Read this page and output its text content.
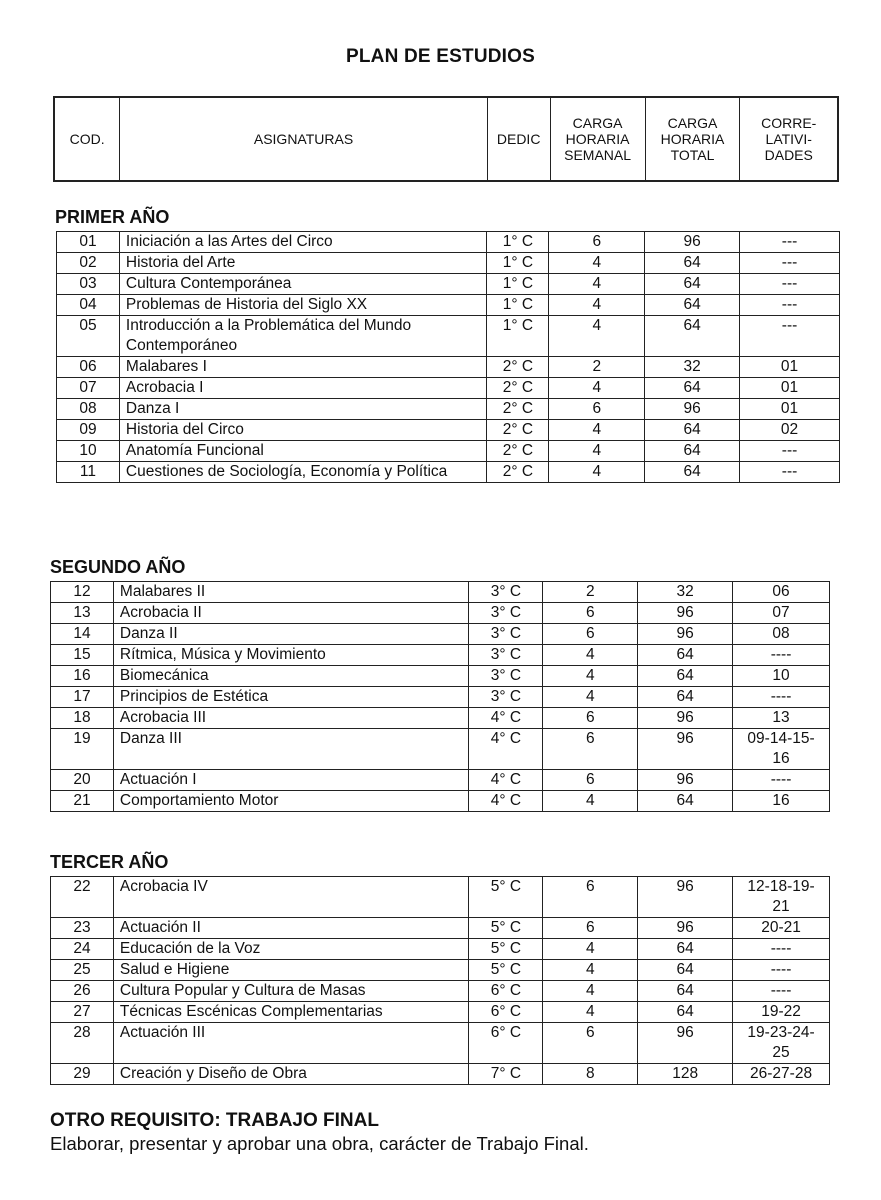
PLAN DE ESTUDIOS
COD.	ASIGNATURAS	DEDIC	CARGA HORARIA SEMANAL	CARGA HORARIA TOTAL	CORRE- LATIVI- DADES
PRIMER AÑO
01	Iniciación a las Artes del Circo	1° C	6	96	---
02	Historia del Arte	1° C	4	64	---
03	Cultura Contemporánea	1° C	4	64	---
04	Problemas de Historia del Siglo XX	1° C	4	64	---
05	Introducción a la Problemática del Mundo Contemporáneo	1° C	4	64	---
06	Malabares I	2° C	2	32	01
07	Acrobacia I	2° C	4	64	01
08	Danza I	2° C	6	96	01
09	Historia del Circo	2° C	4	64	02
10	Anatomía Funcional	2° C	4	64	---
11	Cuestiones de Sociología, Economía y Política	2° C	4	64	---
SEGUNDO AÑO
12	Malabares II	3° C	2	32	06
13	Acrobacia II	3° C	6	96	07
14	Danza II	3° C	6	96	08
15	Rítmica, Música y Movimiento	3° C	4	64	----
16	Biomecánica	3° C	4	64	10
17	Principios de Estética	3° C	4	64	----
18	Acrobacia III	4° C	6	96	13
19	Danza III	4° C	6	96	09-14-15- 16
20	Actuación I	4° C	6	96	----
21	Comportamiento Motor	4° C	4	64	16
TERCER AÑO
22	Acrobacia IV	5° C	6	96	12-18-19- 21
23	Actuación II	5° C	6	96	20-21
24	Educación de la Voz	5° C	4	64	----
25	Salud e Higiene	5° C	4	64	----
26	Cultura Popular y Cultura de Masas	6° C	4	64	----
27	Técnicas Escénicas Complementarias	6° C	4	64	19-22
28	Actuación III	6° C	6	96	19-23-24- 25
29	Creación y Diseño de Obra	7° C	8	128	26-27-28
OTRO REQUISITO: TRABAJO FINAL
Elaborar, presentar y aprobar una obra, carácter de Trabajo Final.
